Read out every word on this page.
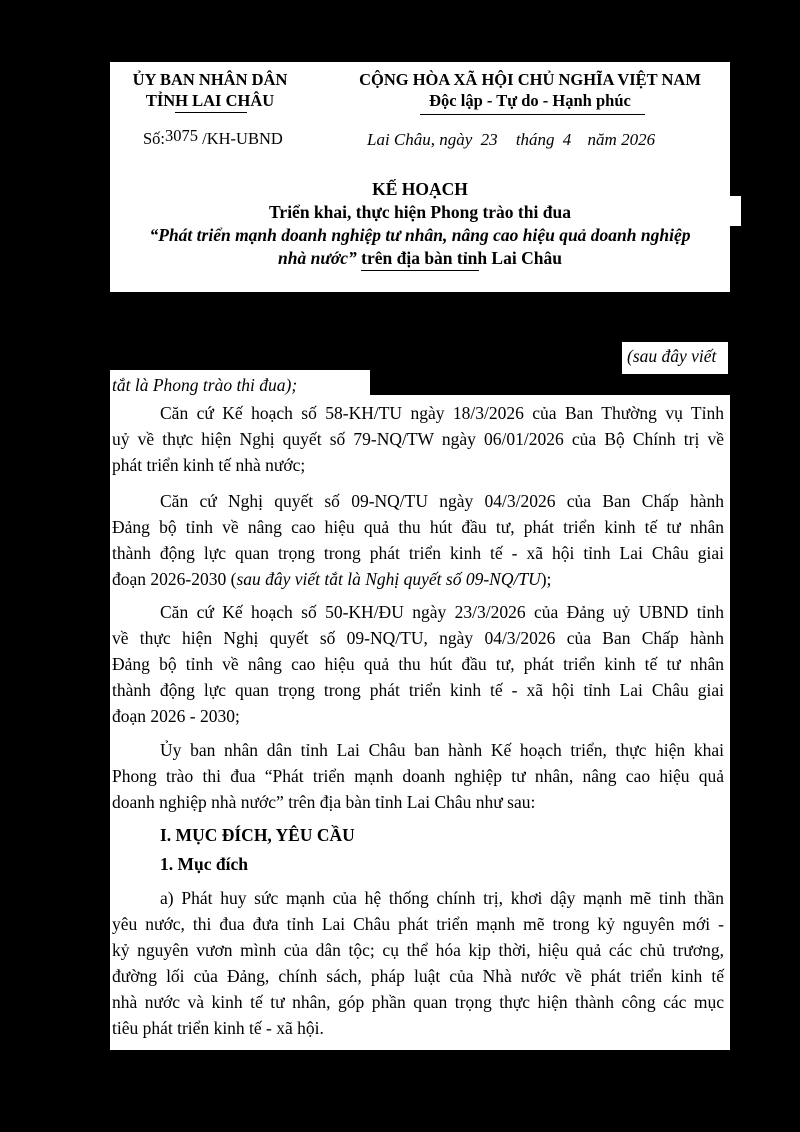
ỦY BAN NHÂN DÂN
TỈNH LAI CHÂU
Số:3075 /KH-UBND
CỘNG HÒA XÃ HỘI CHỦ NGHĨA VIỆT NAM
Độc lập - Tự do - Hạnh phúc
Lai Châu, ngày 23 tháng 4 năm 2026
KẾ HOẠCH
Triển khai, thực hiện Phong trào thi đua
“Phát triển mạnh doanh nghiệp tư nhân, nâng cao hiệu quả doanh nghiệp
nhà nước” trên địa bàn tỉnh Lai Châu
(sau đây viết
tắt là Phong trào thi đua);
Căn cứ Kế hoạch số 58-KH/TU ngày 18/3/2026 của Ban Thường vụ Tỉnh
uỷ về thực hiện Nghị quyết số 79-NQ/TW ngày 06/01/2026 của Bộ Chính trị về
phát triển kinh tế nhà nước;
Căn cứ Nghị quyết số 09-NQ/TU ngày 04/3/2026 của Ban Chấp hành
Đảng bộ tỉnh về nâng cao hiệu quả thu hút đầu tư, phát triển kinh tế tư nhân
thành động lực quan trọng trong phát triển kinh tế - xã hội tỉnh Lai Châu giai
đoạn 2026-2030 (sau đây viết tắt là Nghị quyết số 09-NQ/TU);
Căn cứ Kế hoạch số 50-KH/ĐU ngày 23/3/2026 của Đảng uỷ UBND tỉnh
về thực hiện Nghị quyết số 09-NQ/TU, ngày 04/3/2026 của Ban Chấp hành
Đảng bộ tỉnh về nâng cao hiệu quả thu hút đầu tư, phát triển kinh tế tư nhân
thành động lực quan trọng trong phát triển kinh tế - xã hội tỉnh Lai Châu giai
đoạn 2026 - 2030;
Ủy ban nhân dân tỉnh Lai Châu ban hành Kế hoạch triển, thực hiện khai
Phong trào thi đua “Phát triển mạnh doanh nghiệp tư nhân, nâng cao hiệu quả
doanh nghiệp nhà nước” trên địa bàn tỉnh Lai Châu như sau:
I. MỤC ĐÍCH, YÊU CẦU
1. Mục đích
a) Phát huy sức mạnh của hệ thống chính trị, khơi dậy mạnh mẽ tinh thần
yêu nước, thi đua đưa tỉnh Lai Châu phát triển mạnh mẽ trong kỷ nguyên mới -
kỷ nguyên vươn mình của dân tộc; cụ thể hóa kịp thời, hiệu quả các chủ trương,
đường lối của Đảng, chính sách, pháp luật của Nhà nước về phát triển kinh tế
nhà nước và kinh tế tư nhân, góp phần quan trọng thực hiện thành công các mục
tiêu phát triển kinh tế - xã hội.
